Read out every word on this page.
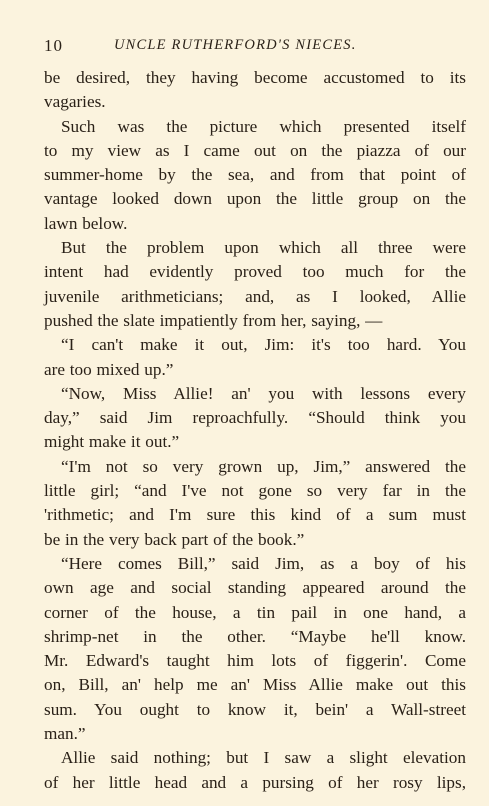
10	UNCLE RUTHERFORD'S NIECES.
be desired, they having become accustomed to its
vagaries.
Such was the picture which presented itself
to my view as I came out on the piazza of our
summer-home by the sea, and from that point of
vantage looked down upon the little group on the
lawn below.
But the problem upon which all three were
intent had evidently proved too much for the
juvenile arithmeticians; and, as I looked, Allie
pushed the slate impatiently from her, saying, —
“I can't make it out, Jim: it's too hard. You
are too mixed up.”
“Now, Miss Allie! an' you with lessons every
day,” said Jim reproachfully. “Should think you
might make it out.”
“I'm not so very grown up, Jim,” answered the
little girl; “and I've not gone so very far in the
'rithmetic; and I'm sure this kind of a sum must
be in the very back part of the book.”
“Here comes Bill,” said Jim, as a boy of his
own age and social standing appeared around the
corner of the house, a tin pail in one hand, a
shrimp-net in the other. “Maybe he'll know.
Mr. Edward's taught him lots of figgerin'. Come
on, Bill, an' help me an' Miss Allie make out this
sum. You ought to know it, bein' a Wall-street
man.”
Allie said nothing; but I saw a slight elevation
of her little head and a pursing of her rosy lips,
